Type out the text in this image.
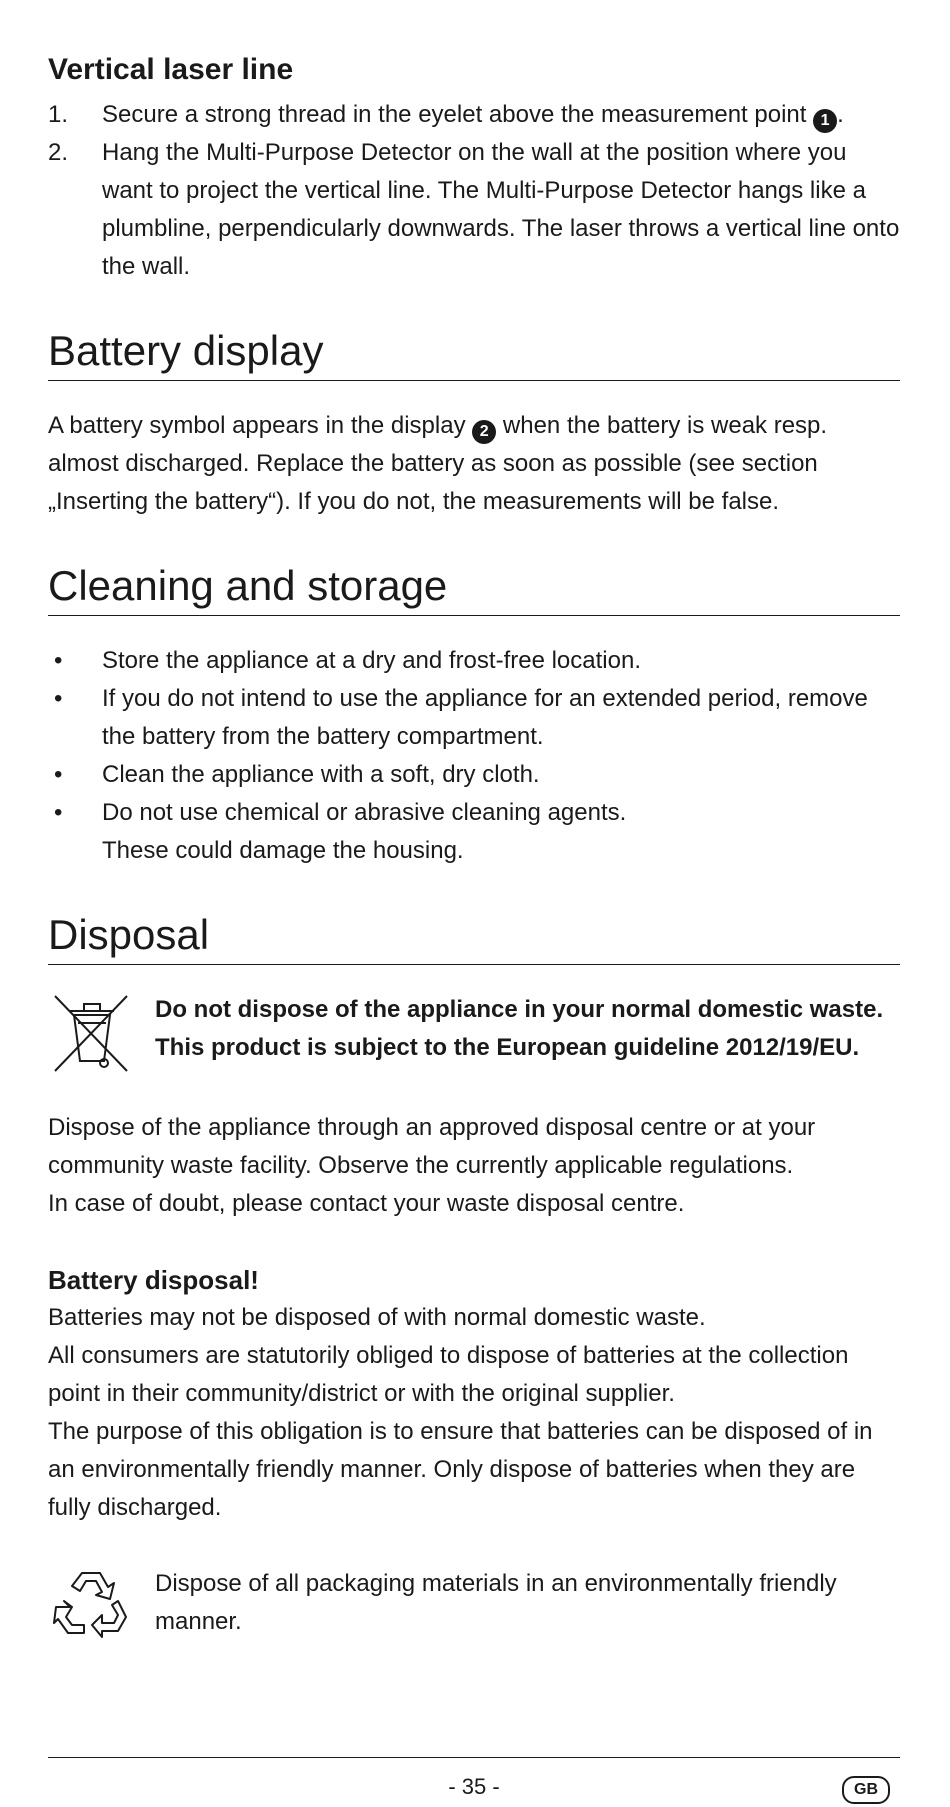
Vertical laser line
1. Secure a strong thread in the eyelet above the measurement point 1 .
2. Hang the Multi-Purpose Detector on the wall at the position where you want to project the vertical line. The Multi-Purpose Detector hangs like a plumbline, perpendicularly downwards. The laser throws a vertical line onto the wall.
Battery display

A battery symbol appears in the display 2 when the battery is weak resp. almost discharged. Replace the battery as soon as possible (see section „Inserting the battery“). If you do not, the measurements will be false.

Cleaning and storage
• Store the appliance at a dry and frost-free location.
• If you do not intend to use the appliance for an extended period, remove the battery from the battery compartment.
• Clean the appliance with a soft, dry cloth.
• Do not use chemical or abrasive cleaning agents.
These could damage the housing.
Disposal

Do not dispose of the appliance in your normal domestic waste. This product is subject to the European guideline 2012/19/EU.

Dispose of the appliance through an approved disposal centre or at your community waste facility. Observe the currently applicable regulations.
In case of doubt, please contact your waste disposal centre.

Battery disposal!

Batteries may not be disposed of with normal domestic waste.

All consumers are statutorily obliged to dispose of batteries at the collection point in their community/district or with the original supplier.

The purpose of this obligation is to ensure that batteries can be disposed of in an environmentally friendly manner. Only dispose of batteries when they are fully discharged.

Dispose of all packaging materials in an environmentally friendly manner.

- 35 -	GB
